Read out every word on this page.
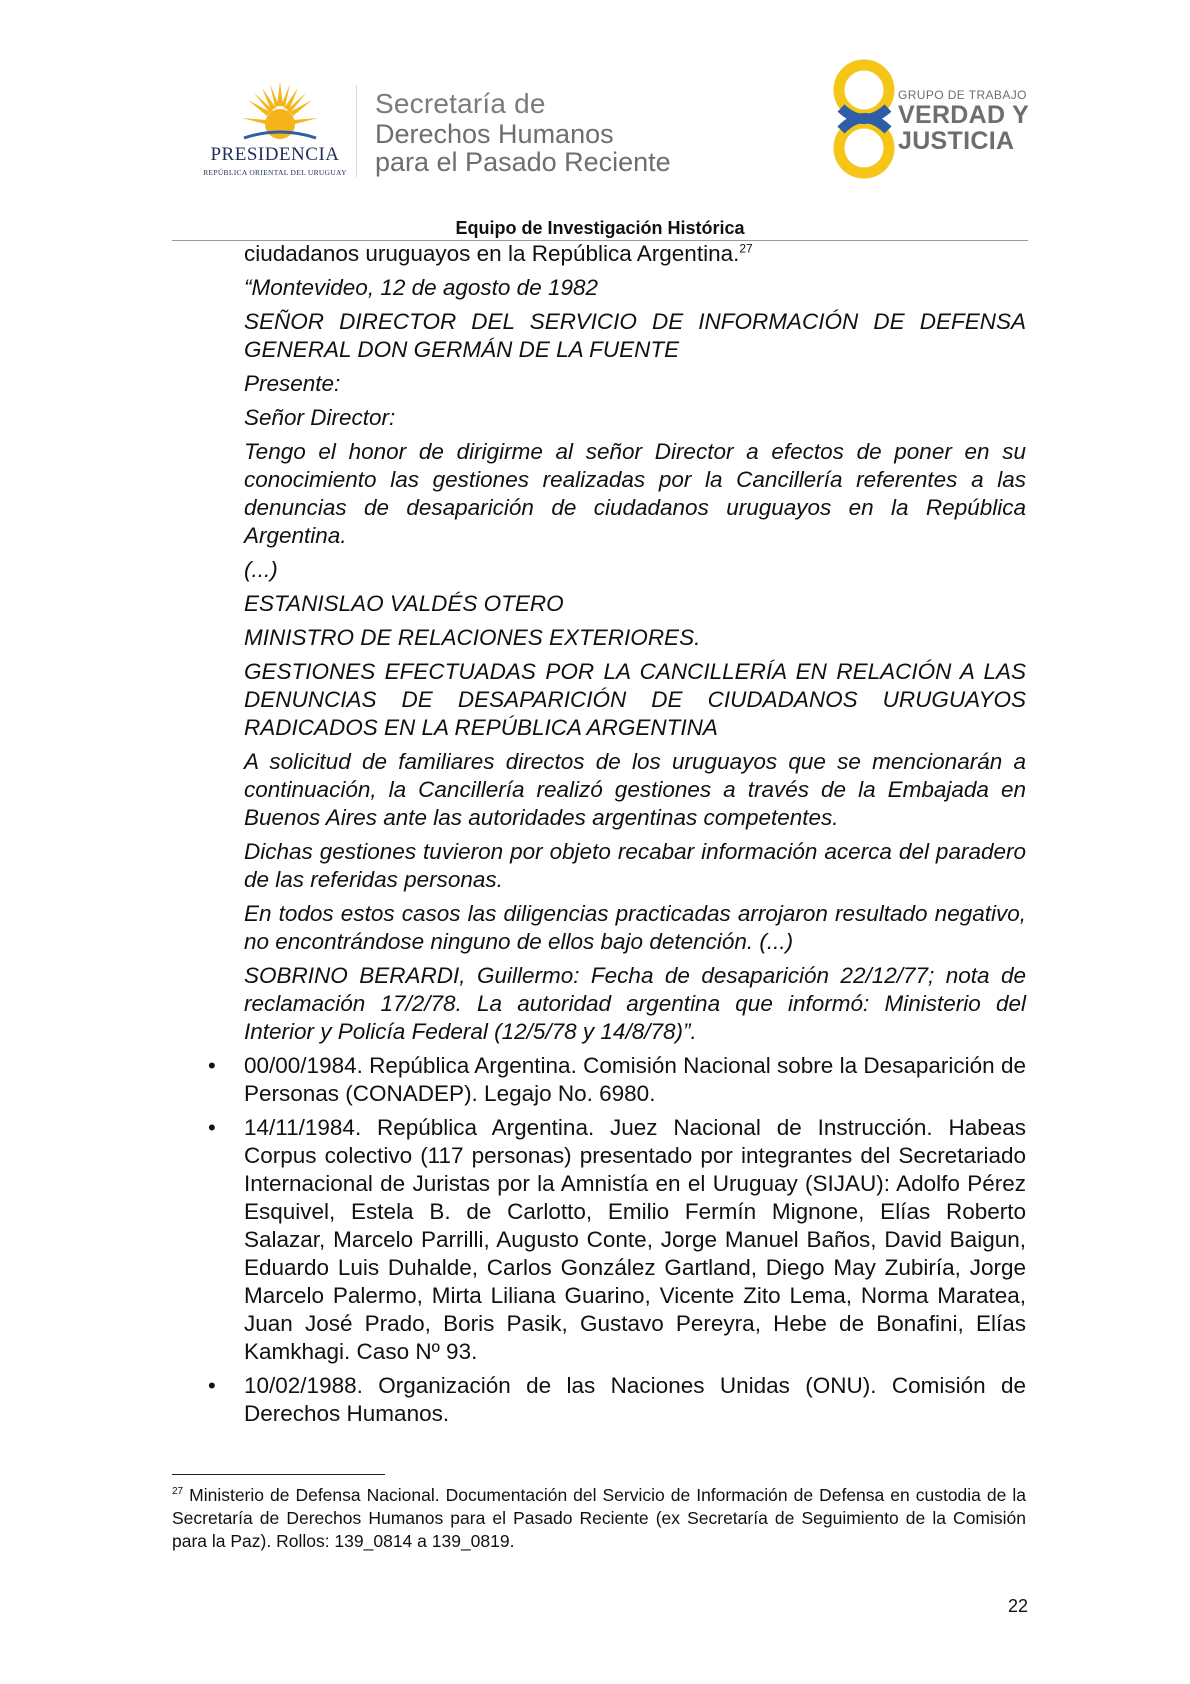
PRESIDENCIA
REPÚBLICA ORIENTAL DEL URUGUAY
Secretaría de
Derechos Humanos
para el Pasado Reciente
GRUPO DE TRABAJO
VERDAD Y
JUSTICIA
Equipo de Investigación Histórica

ciudadanos uruguayos en la República Argentina.$^{27}$

“Montevideo, 12 de agosto de 1982

SEÑOR DIRECTOR DEL SERVICIO DE INFORMACIÓN DE DEFENSA GENERAL DON GERMÁN DE LA FUENTE

Presente:

Señor Director:

Tengo el honor de dirigirme al señor Director a efectos de poner en su conocimiento las gestiones realizadas por la Cancillería referentes a las denuncias de desaparición de ciudadanos uruguayos en la República Argentina.

(...)

ESTANISLAO VALDÉS OTERO

MINISTRO DE RELACIONES EXTERIORES.

GESTIONES EFECTUADAS POR LA CANCILLERÍA EN RELACIÓN A LAS DENUNCIAS DE DESAPARICIÓN DE CIUDADANOS URUGUAYOS RADICADOS EN LA REPÚBLICA ARGENTINA

A solicitud de familiares directos de los uruguayos que se mencionarán a continuación, la Cancillería realizó gestiones a través de la Embajada en Buenos Aires ante las autoridades argentinas competentes.

Dichas gestiones tuvieron por objeto recabar información acerca del paradero de las referidas personas.

En todos estos casos las diligencias practicadas arrojaron resultado negativo, no encontrándose ninguno de ellos bajo detención. (...)

SOBRINO BERARDI, Guillermo: Fecha de desaparición 22/12/77; nota de reclamación 17/2/78. La autoridad argentina que informó: Ministerio del Interior y Policía Federal (12/5/78 y 14/8/78)”.

• 00/00/1984. República Argentina. Comisión Nacional sobre la Desaparición de Personas (CONADEP). Legajo No. 6980.

• 14/11/1984. República Argentina. Juez Nacional de Instrucción. Habeas Corpus colectivo (117 personas) presentado por integrantes del Secretariado Internacional de Juristas por la Amnistía en el Uruguay (SIJAU): Adolfo Pérez Esquivel, Estela B. de Carlotto, Emilio Fermín Mignone, Elías Roberto Salazar, Marcelo Parrilli, Augusto Conte, Jorge Manuel Baños, David Baigun, Eduardo Luis Duhalde, Carlos González Gartland, Diego May Zubiría, Jorge Marcelo Palermo, Mirta Liliana Guarino, Vicente Zito Lema, Norma Maratea, Juan José Prado, Boris Pasik, Gustavo Pereyra, Hebe de Bonafini, Elías Kamkhagi. Caso Nº 93.

• 10/02/1988. Organización de las Naciones Unidas (ONU). Comisión de Derechos Humanos.

$^{27}$ Ministerio de Defensa Nacional. Documentación del Servicio de Información de Defensa en custodia de la Secretaría de Derechos Humanos para el Pasado Reciente (ex Secretaría de Seguimiento de la Comisión para la Paz). Rollos: 139_0814 a 139_0819.

22
